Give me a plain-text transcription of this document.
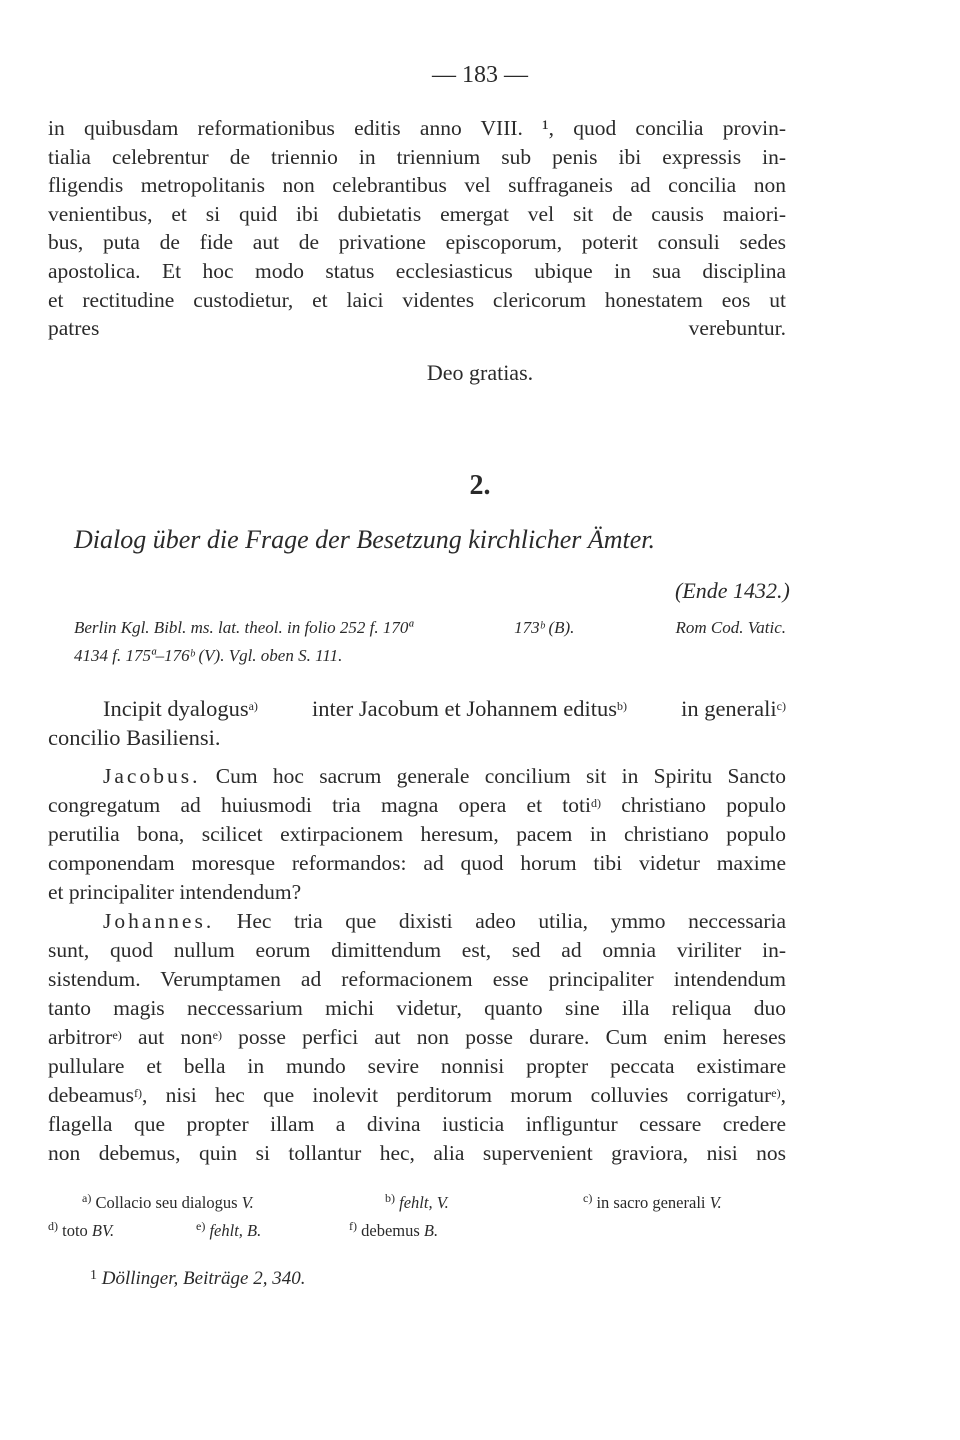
— 183 —
in quibusdam reformationibus editis anno VIII. ¹, quod concilia provin-
tialia celebrentur de triennio in triennium sub penis ibi expressis in-
fligendis metropolitanis non celebrantibus vel suffraganeis ad concilia non
venientibus, et si quid ibi dubietatis emergat vel sit de causis maiori-
bus, puta de fide aut de privatione episcoporum, poterit consuli sedes
apostolica. Et hoc modo status ecclesiasticus ubique in sua disciplina
et rectitudine custodietur, et laici videntes clericorum honestatem eos ut
patres verebuntur.
Deo gratias.
2.
Dialog über die Frage der Besetzung kirchlicher Ämter.
(Ende 1432.)
Berlin Kgl. Bibl. ms. lat. theol. in folio 252 f. 170ª	173ᵇ (B).	Rom Cod. Vatic.
4134 f. 175ª–176ᵇ (V). Vgl. oben S. 111.
Incipit dyalogus$^{a)}$ inter Jacobum et Johannem editus$^{b)}$ in generali$^{c)}$
concilio Basiliensi.
Jacobus. Cum hoc sacrum generale concilium sit in Spiritu Sancto
congregatum ad huiusmodi tria magna opera et toti$^{d)}$ christiano populo
perutilia bona, scilicet extirpacionem heresum, pacem in christiano populo
componendam moresque reformandos: ad quod horum tibi videtur maxime
et principaliter intendendum?
Johannes. Hec tria que dixisti adeo utilia, ymmo neccessaria
sunt, quod nullum eorum dimittendum est, sed ad omnia viriliter in-
sistendum. Verumptamen ad reformacionem esse principaliter intendendum
tanto magis neccessarium michi videtur, quanto sine illa reliqua duo
arbitror$^{e)}$ aut non$^{e)}$ posse perfici aut non posse durare. Cum enim hereses
pullulare et bella in mundo sevire nonnisi propter peccata existimare
debeamus$^{f)}$, nisi hec que inolevit perditorum morum colluvies corrigatur$^{e)}$,
flagella que propter illam a divina iusticia infliguntur cessare credere
non debemus, quin si tollantur hec, alia supervenient graviora, nisi nos
$^{a)}$ Collacio seu dialogus V.	$^{b)}$ fehlt, V.	$^{c)}$ in sacro generali V.
$^{d)}$ toto BV.	$^{e)}$ fehlt, B.	$^{f)}$ debemus B.
$^1$ Döllinger, Beiträge 2, 340.
